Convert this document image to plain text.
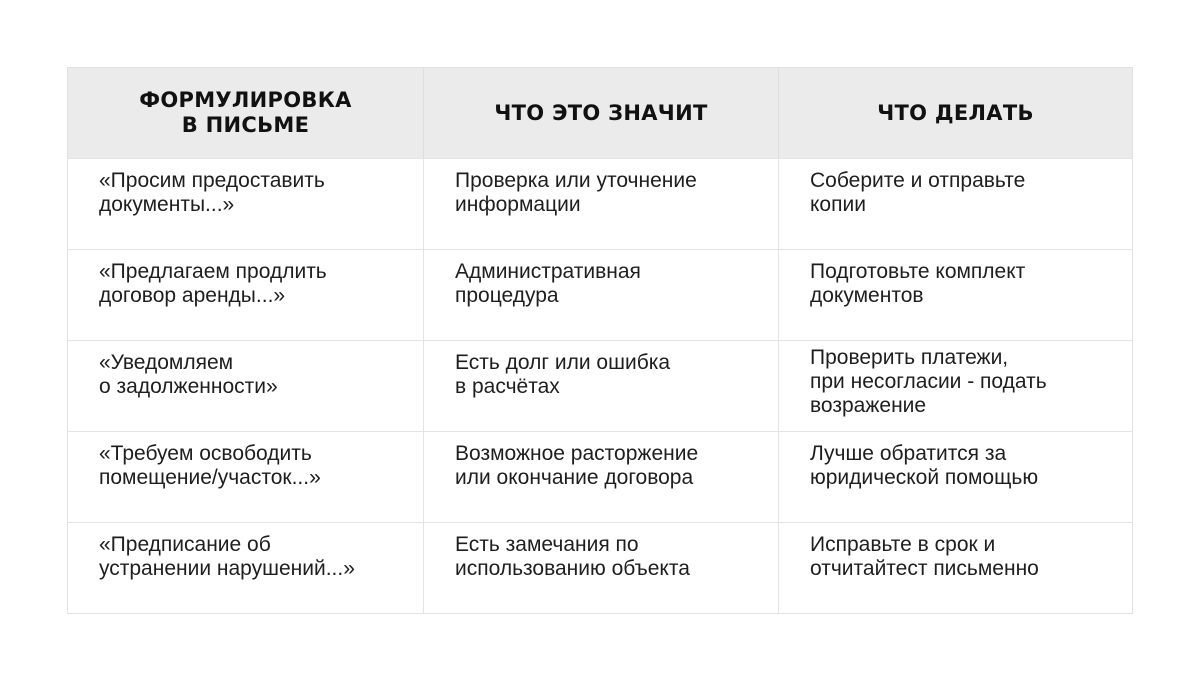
ФОРМУЛИРОВКА
В ПИСЬМЕ
ЧТО ЭТО ЗНАЧИТ	ЧТО ДЕЛАТЬ
«Просим предоставить
документы...»
Проверка или уточнение
информации
Соберите и отправьте
копии
«Предлагаем продлить
договор аренды...»
Административная
процедура
Подготовьте комплект
документов
«Уведомляем
о задолженности»
Есть долг или ошибка
в расчётах
Проверить платежи,
при несогласии - подать
возражение
«Требуем освободить
помещение/участок...»
Возможное расторжение
или окончание договора
Лучше обратится за
юридической помощью
«Предписание об
устранении нарушений...»
Есть замечания по
использованию объекта
Исправьте в срок и
отчитайтест письменно
